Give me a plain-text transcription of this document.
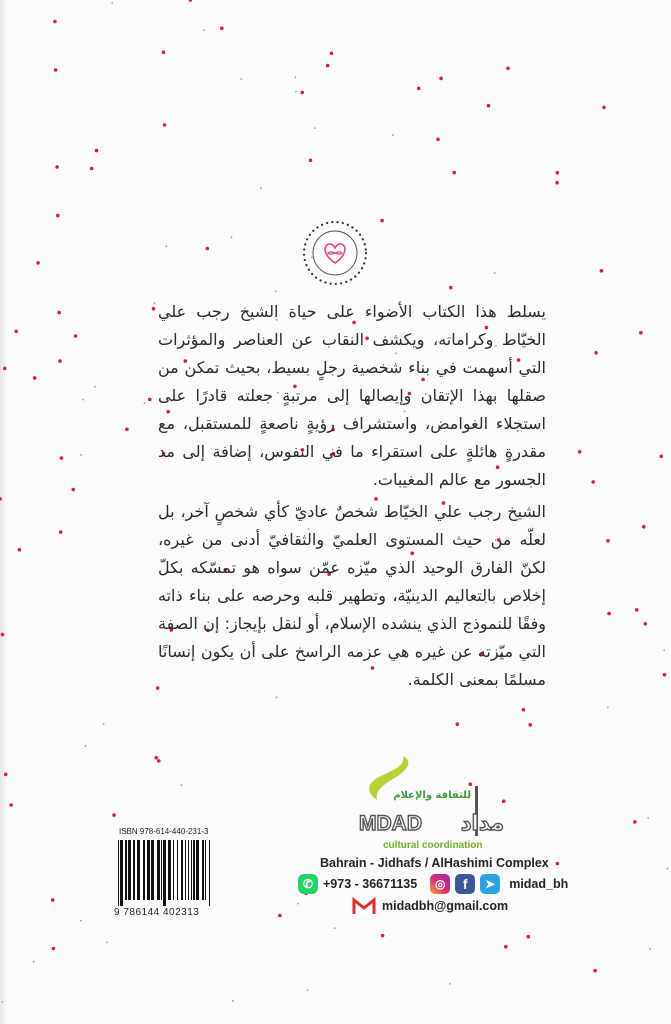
يسلط هذا الكتاب الأضواء على حياة الشيخ رجب علي الخيّاط وكراماته، ويكشف النقاب عن العناصر والمؤثرات التي أسهمت في بناء شخصية رجلٍ بسيط، بحيث تمكن من صقلها بهذا الإتقان وإيصالها إلى مرتبةٍ جعلته قادرًا على استجلاء الغوامض، واستشراف رؤيةٍ ناصعةٍ للمستقبل، مع مقدرةٍ هائلةٍ على استقراء ما في النفوس، إضافة إلى مد الجسور مع عالم المغيبات.

الشيخ رجب علي الخيّاط شخصٌ عاديّ كأي شخصٍ آخر، بل لعلّه من حيث المستوى العلميّ والثقافيّ أدنى من غيره، لكنّ الفارق الوحيد الذي ميّزه عمّن سواه هو تمسّكه بكلّ إخلاص بالتعاليم الدينيّة، وتطهير قلبه وحرصه على بناء ذاته وفقًا للنموذج الذي ينشده الإسلام، أو لنقل بإيجاز: إن الصفة التي ميّزته عن غيره هي عزمه الراسخ على أن يكون إنسانًا مسلمًا بمعنى الكلمة.

للثقافة والإعلام
MDAD مداد
cultural coordination
Bahrain - Jidhafs / AlHashimi Complex
✆ +973 - 36671135	◎	f	➤	midad_bh
midadbh@gmail.com
ISBN 978-614-440-231-3
9 786144 402313
